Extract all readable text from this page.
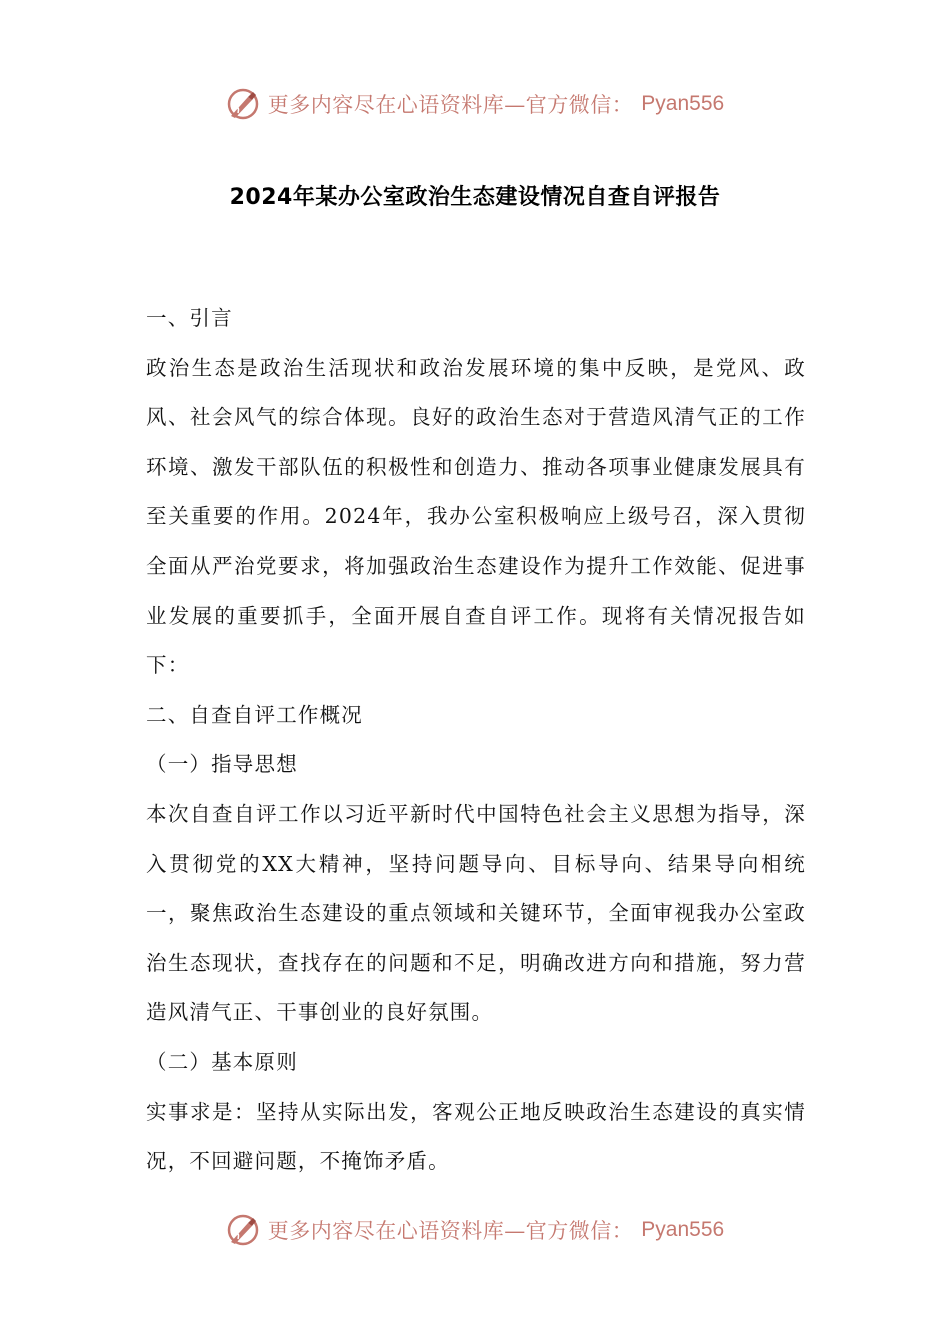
更多内容尽在心语资料库—官方微信： Pyan556
2024年某办公室政治生态建设情况自查自评报告

一、引言

政治生态是政治生活现状和政治发展环境的集中反映，是党风、政风、社会风气的综合体现。良好的政治生态对于营造风清气正的工作环境、激发干部队伍的积极性和创造力、推动各项事业健康发展具有至关重要的作用。2024年，我办公室积极响应上级号召，深入贯彻全面从严治党要求，将加强政治生态建设作为提升工作效能、促进事业发展的重要抓手，全面开展自查自评工作。现将有关情况报告如下：

二、自查自评工作概况

（一）指导思想

本次自查自评工作以习近平新时代中国特色社会主义思想为指导，深入贯彻党的XX大精神，坚持问题导向、目标导向、结果导向相统一，聚焦政治生态建设的重点领域和关键环节，全面审视我办公室政治生态现状，查找存在的问题和不足，明确改进方向和措施，努力营造风清气正、干事创业的良好氛围。

（二）基本原则

实事求是：坚持从实际出发，客观公正地反映政治生态建设的真实情况，不回避问题，不掩饰矛盾。

更多内容尽在心语资料库—官方微信： Pyan556
